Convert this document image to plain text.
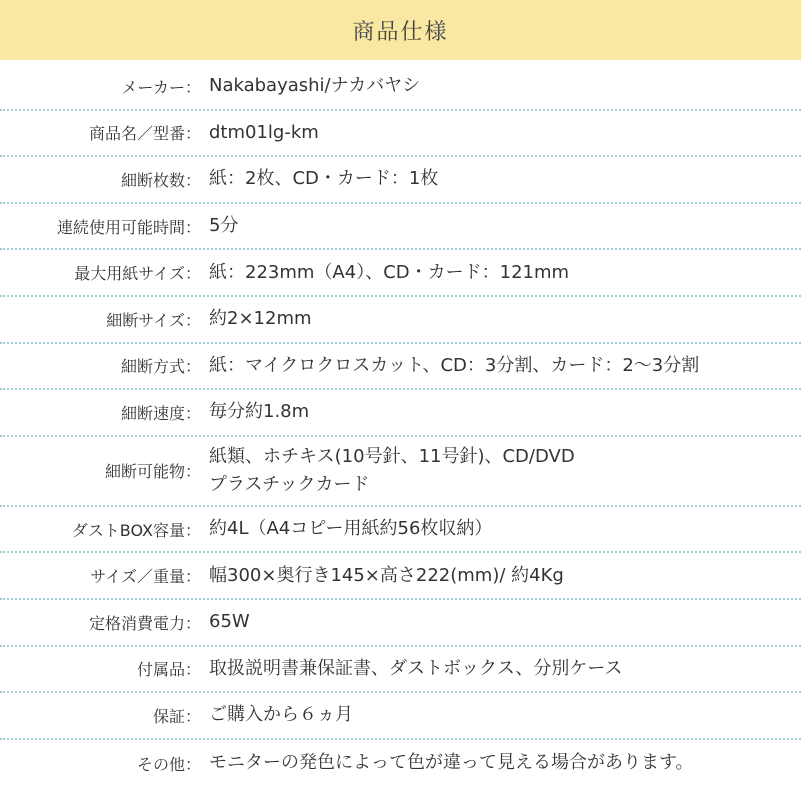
商品仕様
メーカー ： Nakabayashi/ナカバヤシ
商品名／型番 ： dtm01lg-km
細断枚数 ： 紙：2枚、CD・カード：1枚
連続使用可能時間 ： 5分
最大用紙サイズ ： 紙：223mm（A4）、CD・カード：121mm
細断サイズ ： 約2×12mm
細断方式 ： 紙：マイクロクロスカット、CD：3分割、カード：2〜3分割
細断速度 ： 毎分約1.8m
細断可能物 ：
紙類、ホチキス(10号針、11号針)、CD/DVD
プラスチックカード
ダストBOX容量 ： 約4L（A4コピー用紙約56枚収納）
サイズ／重量 ： 幅300×奥行き145×高さ222(mm)/ 約4Kg
定格消費電力 ： 65W
付属品 ： 取扱説明書兼保証書、ダストボックス、分別ケース
保証 ： ご購入から６ヵ月
その他 ： モニターの発色によって色が違って見える場合があります。
